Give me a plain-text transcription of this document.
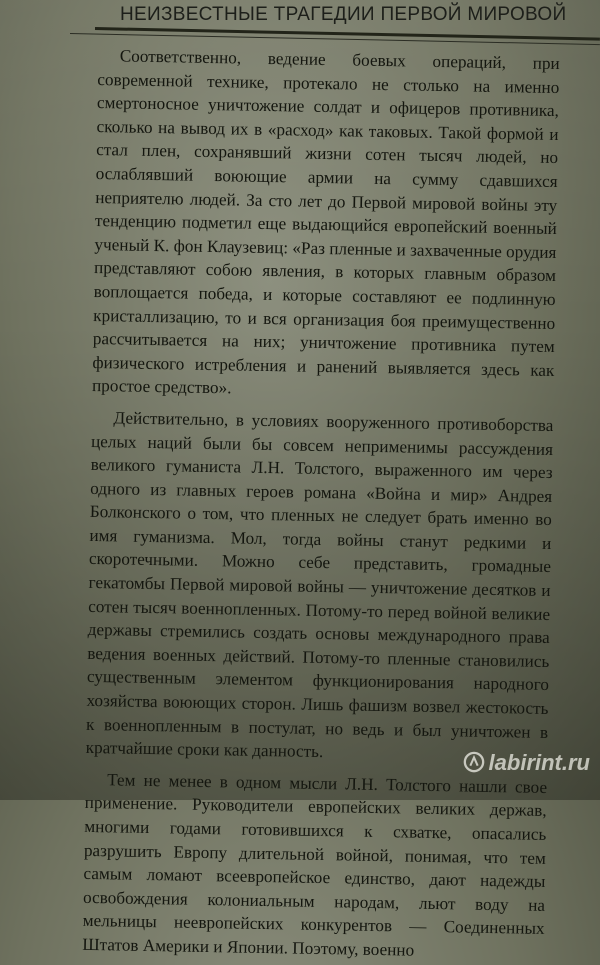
НЕИЗВЕСТНЫЕ ТРАГЕДИИ ПЕРВОЙ МИРОВОЙ

Соответственно, ведение боевых операций, при современной технике, протекало не столько на именно смертоносное уничтожение солдат и офицеров противника, сколько на вывод их в «расход» как таковых. Такой формой и стал плен, сохранявший жизни сотен тысяч людей, но ослаблявший воюющие армии на сумму сдавшихся неприятелю людей. За сто лет до Первой мировой войны эту тенденцию подметил еще выдающийся европейский военный ученый К. фон Клаузевиц: «Раз пленные и захваченные орудия представляют собою явления, в которых главным образом воплощается победа, и которые составляют ее подлинную кристаллизацию, то и вся организация боя преимущественно рассчитывается на них; уничтожение противника путем физического истребления и ранений выявляется здесь как простое средство».

Действительно, в условиях вооруженного противоборства целых наций были бы совсем неприменимы рассуждения великого гуманиста Л.Н. Толстого, выраженного им через одного из главных героев романа «Война и мир» Андрея Болконского о том, что пленных не следует брать именно во имя гуманизма. Мол, тогда войны станут редкими и скоротечными. Можно себе представить, громадные гекатомбы Первой мировой войны — уничтожение десятков и сотен тысяч военнопленных. Потому-то перед войной великие державы стремились создать основы международного права ведения военных действий. Потому-то пленные становились существенным элементом функционирования народного хозяйства воюющих сторон. Лишь фашизм возвел жестокость к военнопленным в постулат, но ведь и был уничтожен в кратчайшие сроки как данность.

Тем не менее в одном мысли Л.Н. Толстого нашли свое применение. Руководители европейских великих держав, многими годами готовившихся к схватке, опасались разрушить Европу длительной войной, понимая, что тем самым ломают всеевропейское единство, дают надежды освобождения колониальным народам, льют воду на мельницы неевропейских конкурентов — Соединенных Штатов Америки и Японии. Поэтому, военно

labirint.ru
